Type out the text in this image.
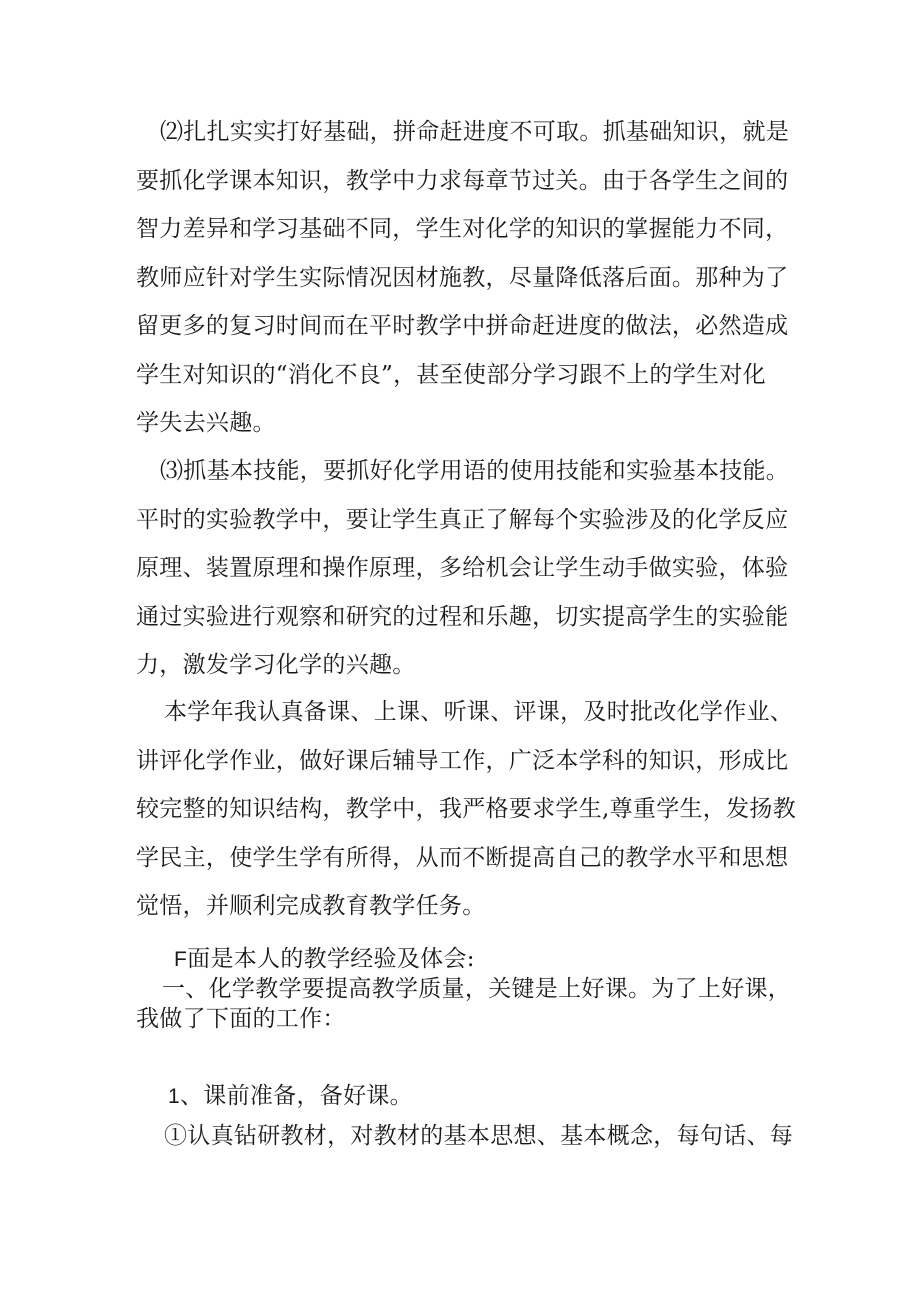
⑵扎扎实实打好基础，拼命赶进度不可取。抓基础知识，就是
要抓化学课本知识，教学中力求每章节过关。由于各学生之间的
智力差异和学习基础不同，学生对化学的知识的掌握能力不同，
教师应针对学生实际情况因材施教，尽量降低落后面。那种为了
留更多的复习时间而在平时教学中拼命赶进度的做法，必然造成
学生对知识的“消化不良”，甚至使部分学习跟不上的学生对化
学失去兴趣。

⑶抓基本技能，要抓好化学用语的使用技能和实验基本技能。
平时的实验教学中，要让学生真正了解每个实验涉及的化学反应
原理、装置原理和操作原理，多给机会让学生动手做实验，体验
通过实验进行观察和研究的过程和乐趣，切实提高学生的实验能
力，激发学习化学的兴趣。

本学年我认真备课、上课、听课、评课，及时批改化学作业、
讲评化学作业，做好课后辅导工作，广泛本学科的知识，形成比
较完整的知识结构，教学中，我严格要求学生,尊重学生，发扬教
学民主，使学生学有所得，从而不断提高自己的教学水平和思想
觉悟，并顺利完成教育教学任务。

F面是本人的教学经验及体会:
一、化学教学要提高教学质量，关键是上好课。为了上好课，
我做了下面的工作：

1、课前准备，备好课。

①认真钻研教材，对教材的基本思想、基本概念，每句话、每
